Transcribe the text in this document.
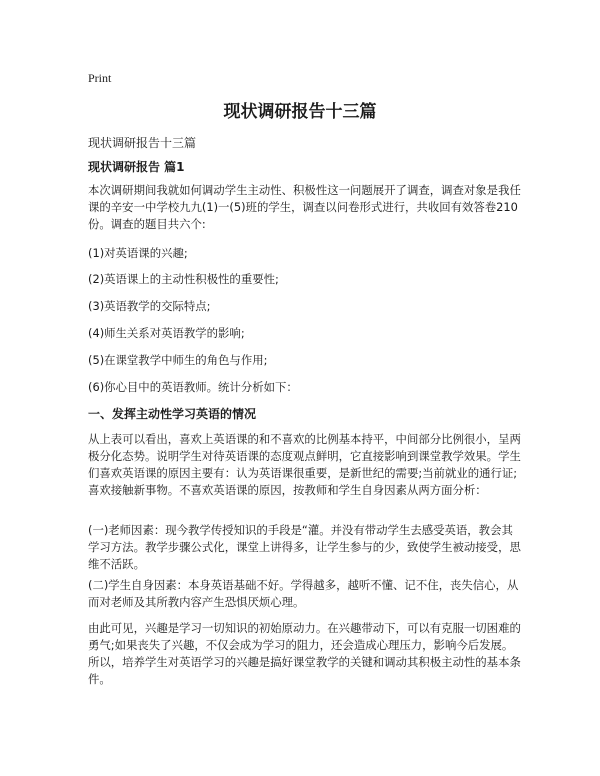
Print
现状调研报告十三篇
现状调研报告十三篇
现状调研报告 篇1

本次调研期间我就如何调动学生主动性、积极性这一问题展开了调查，调查对象是我任课的辛安一中学校九九(1)一(5)班的学生，调查以问卷形式进行，共收回有效答卷210份。调查的题目共六个:

(1)对英语课的兴趣;

(2)英语课上的主动性积极性的重要性;

(3)英语教学的交际特点;

(4)师生关系对英语教学的影响;

(5)在课堂教学中师生的角色与作用;

(6)你心目中的英语教师。统计分析如下：

一、发挥主动性学习英语的情况

从上表可以看出，喜欢上英语课的和不喜欢的比例基本持平，中间部分比例很小，呈两极分化态势。说明学生对待英语课的态度观点鲜明，它直接影响到课堂教学效果。学生们喜欢英语课的原因主要有：认为英语课很重要，是新世纪的需要;当前就业的通行证;喜欢接触新事物。不喜欢英语课的原因，按教师和学生自身因素从两方面分析：

(一)老师因素：现今教学传授知识的手段是“灌。并没有带动学生去感受英语，教会其学习方法。教学步骤公式化，课堂上讲得多，让学生参与的少，致使学生被动接受，思维不活跃。

(二)学生自身因素：本身英语基础不好。学得越多，越听不懂、记不住，丧失信心，从而对老师及其所教内容产生恐惧厌烦心理。

由此可见，兴趣是学习一切知识的初始原动力。在兴趣带动下，可以有克服一切困难的勇气;如果丧失了兴趣，不仅会成为学习的阻力，还会造成心理压力，影响今后发展。所以，培养学生对英语学习的兴趣是搞好课堂教学的关键和调动其积极主动性的基本条件。
